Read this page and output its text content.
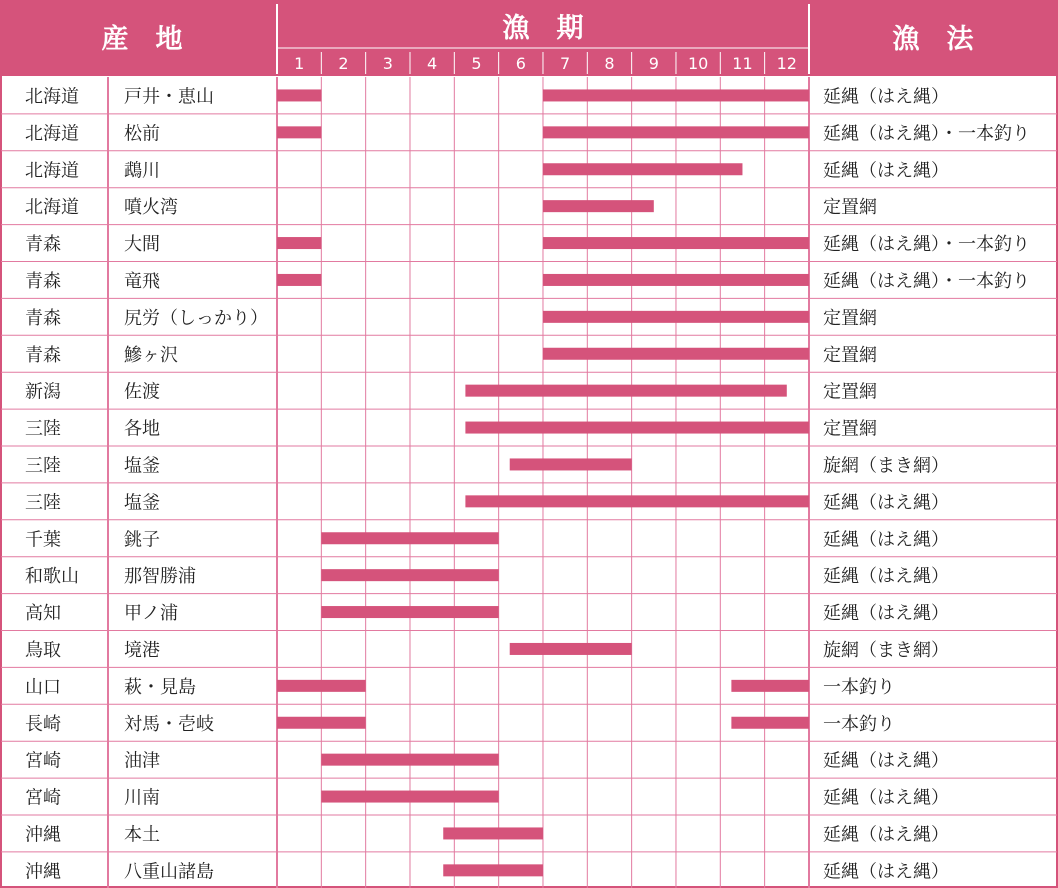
産　地	漁　期	漁　法
1 2 3 4 5 6 7 8 9 10 11 12
北海道	戸井・恵山	延縄（はえ縄）
北海道	松前	延縄（はえ縄）・一本釣り
北海道	鵡川	延縄（はえ縄）
北海道	噴火湾	定置網
青森	大間	延縄（はえ縄）・一本釣り
青森	竜飛	延縄（はえ縄）・一本釣り
青森	尻労（しっかり）	定置網
青森	鰺ヶ沢	定置網
新潟	佐渡	定置網
三陸	各地	定置網
三陸	塩釜	旋網（まき網）
三陸	塩釜	延縄（はえ縄）
千葉	銚子	延縄（はえ縄）
和歌山	那智勝浦	延縄（はえ縄）
高知	甲ノ浦	延縄（はえ縄）
鳥取	境港	旋網（まき網）
山口	萩・見島	一本釣り
長崎	対馬・壱岐	一本釣り
宮崎	油津	延縄（はえ縄）
宮崎	川南	延縄（はえ縄）
沖縄	本土	延縄（はえ縄）
沖縄	八重山諸島	延縄（はえ縄）
